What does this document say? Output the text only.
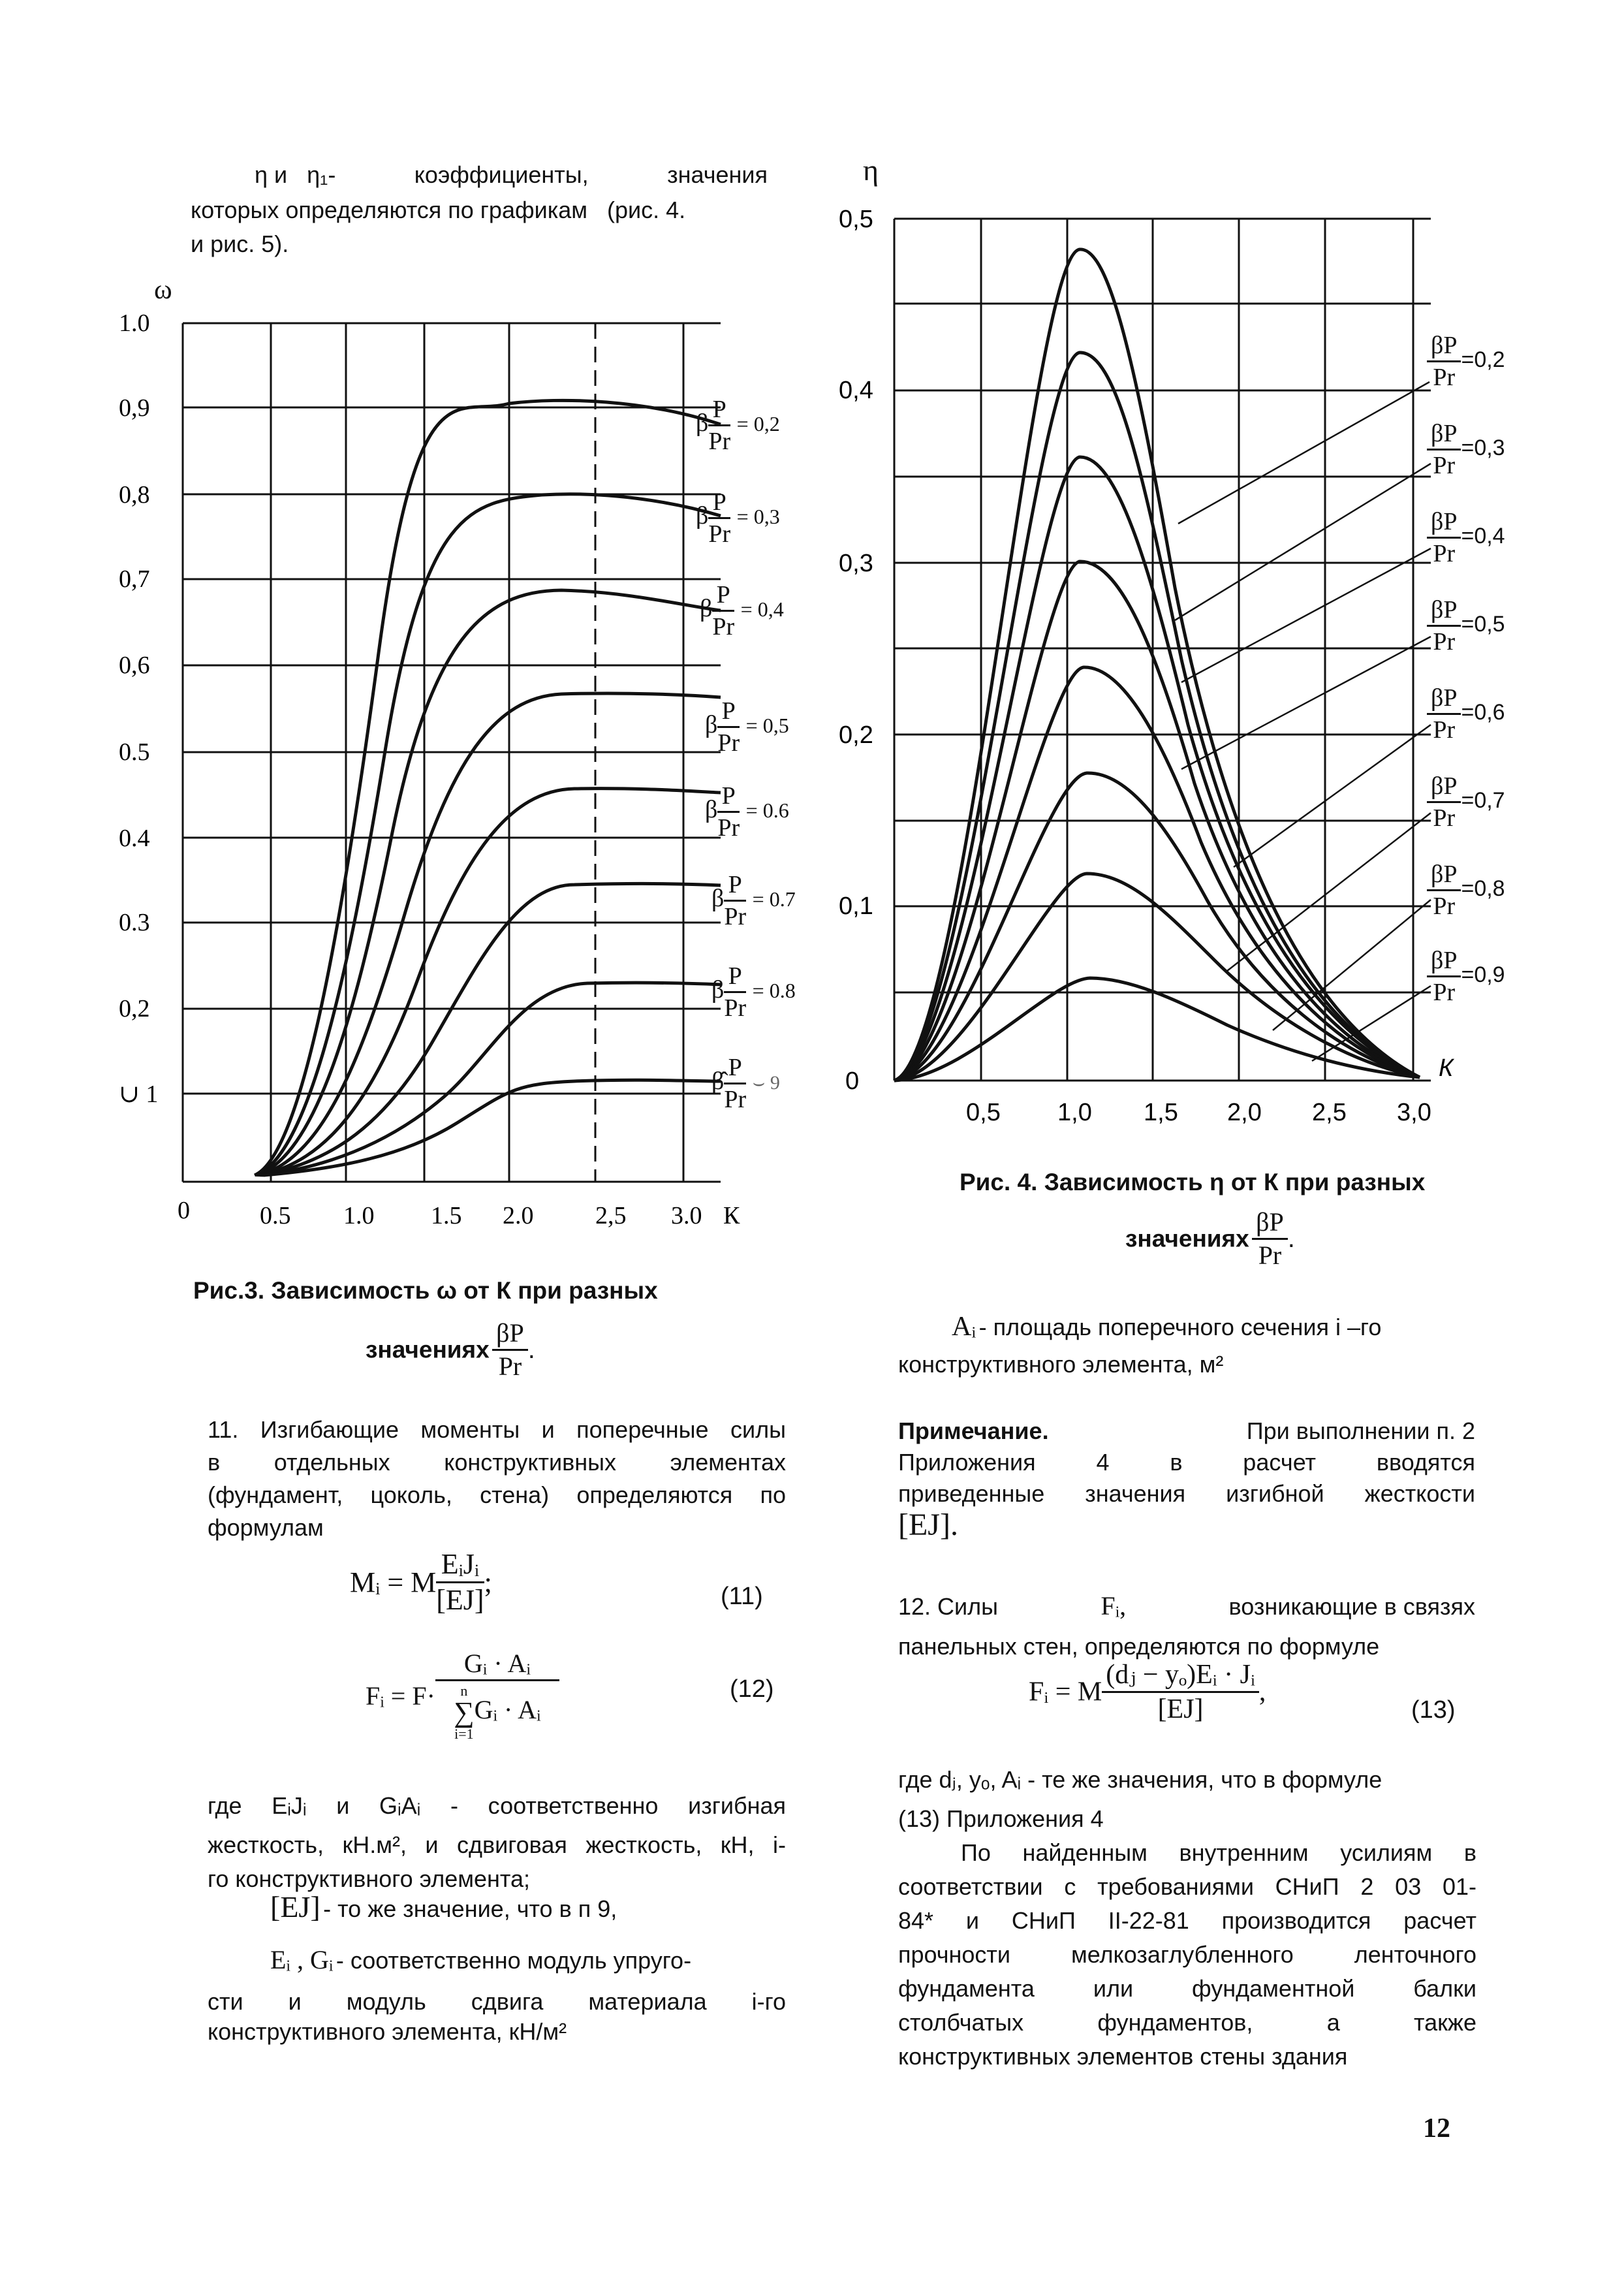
η и η₁-	коэффициенты,	значения
которых определяются по графикам   (рис. 4.
и рис. 5).
ω
1.0
0,9
0,8
0,7
0,6
0.5
0.4
0.3
0,2
∪ 1
0	0.5 1.0 1.5 2.0 2,5 3.0 К
β $\frac{P}{Pr} = 0,2$
β $\frac{P}{Pr} = 0,3$
β $\frac{P}{Pr} = 0,4$
β $\frac{P}{Pr} = 0,5$
β $\frac{P}{Pr} = 0.6$
β $\frac{P}{Pr} = 0.7$
β $\frac{P}{Pr} = 0.8$
β̂ $\frac{P}{Pr}$ ⌣ 9
Рис.3. Зависимость ω от К при разных
значениях $\frac{\beta P}{Pr}$ .
η
0,5
0,4
0,3
0,2
0,1
0
0,5 1,0 1,5 2,0 2,5 3,0
К
$\frac{\beta P}{Pr} =0,2$
$\frac{\beta P}{Pr} =0,3$
$\frac{\beta P}{Pr} =0,4$
$\frac{\beta P}{Pr} =0,5$
$\frac{\beta P}{Pr} =0,6$
$\frac{\beta P}{Pr} =0,7$
$\frac{\beta P}{Pr} =0,8$
$\frac{\beta P}{Pr} =0,9$
Рис. 4. Зависимость η от К при разных
значениях $\frac{\beta P}{Pr}$ .
11. Изгибающие моменты и поперечные силы
в отдельных конструктивных элементах
(фундамент, цоколь, стена) определяются по
формулам
Mᵢ = M $\frac{\text{EᵢJᵢ}}{[EJ]}$ ;	(11)
Fᵢ = F· Gᵢ · Aᵢ
n
∑
i=1
Gᵢ · Aᵢ	(12)
где EᵢJᵢ и GᵢAᵢ - соответственно изгибная
жесткость, кН.м², и сдвиговая жесткость, кН, і-
го конструктивного элемента;
[EJ] - то же значение, что в п 9,
Eᵢ , Gᵢ - соответственно модуль упруго-
сти и модуль сдвига материала і-го
конструктивного элемента, кН/м²
Aᵢ - площадь поперечного сечения і –го
конструктивного элемента, м²
Примечание.	При выполнении п. 2
Приложения 4 в расчет вводятся
приведенные значения изгибной жесткости
[EJ].
12. Силы	Fᵢ,	возникающие в связях
панельных стен, определяются по формуле
Fᵢ = M $\frac{\text{(dⱼ − yₒ)Eᵢ · Jᵢ}}{[EJ]}$ ,
(13)
где dⱼ, yₒ, Aᵢ - те же значения, что в формуле
(13) Приложения 4
По найденным внутренним усилиям в
соответствии с требованиями СНиП 2 03 01-
84* и СНиП II-22-81 производится расчет
прочности мелкозаглубленного ленточного
фундамента или фундаментной балки
столбчатых фундаментов, а также
конструктивных элементов стены здания
12
